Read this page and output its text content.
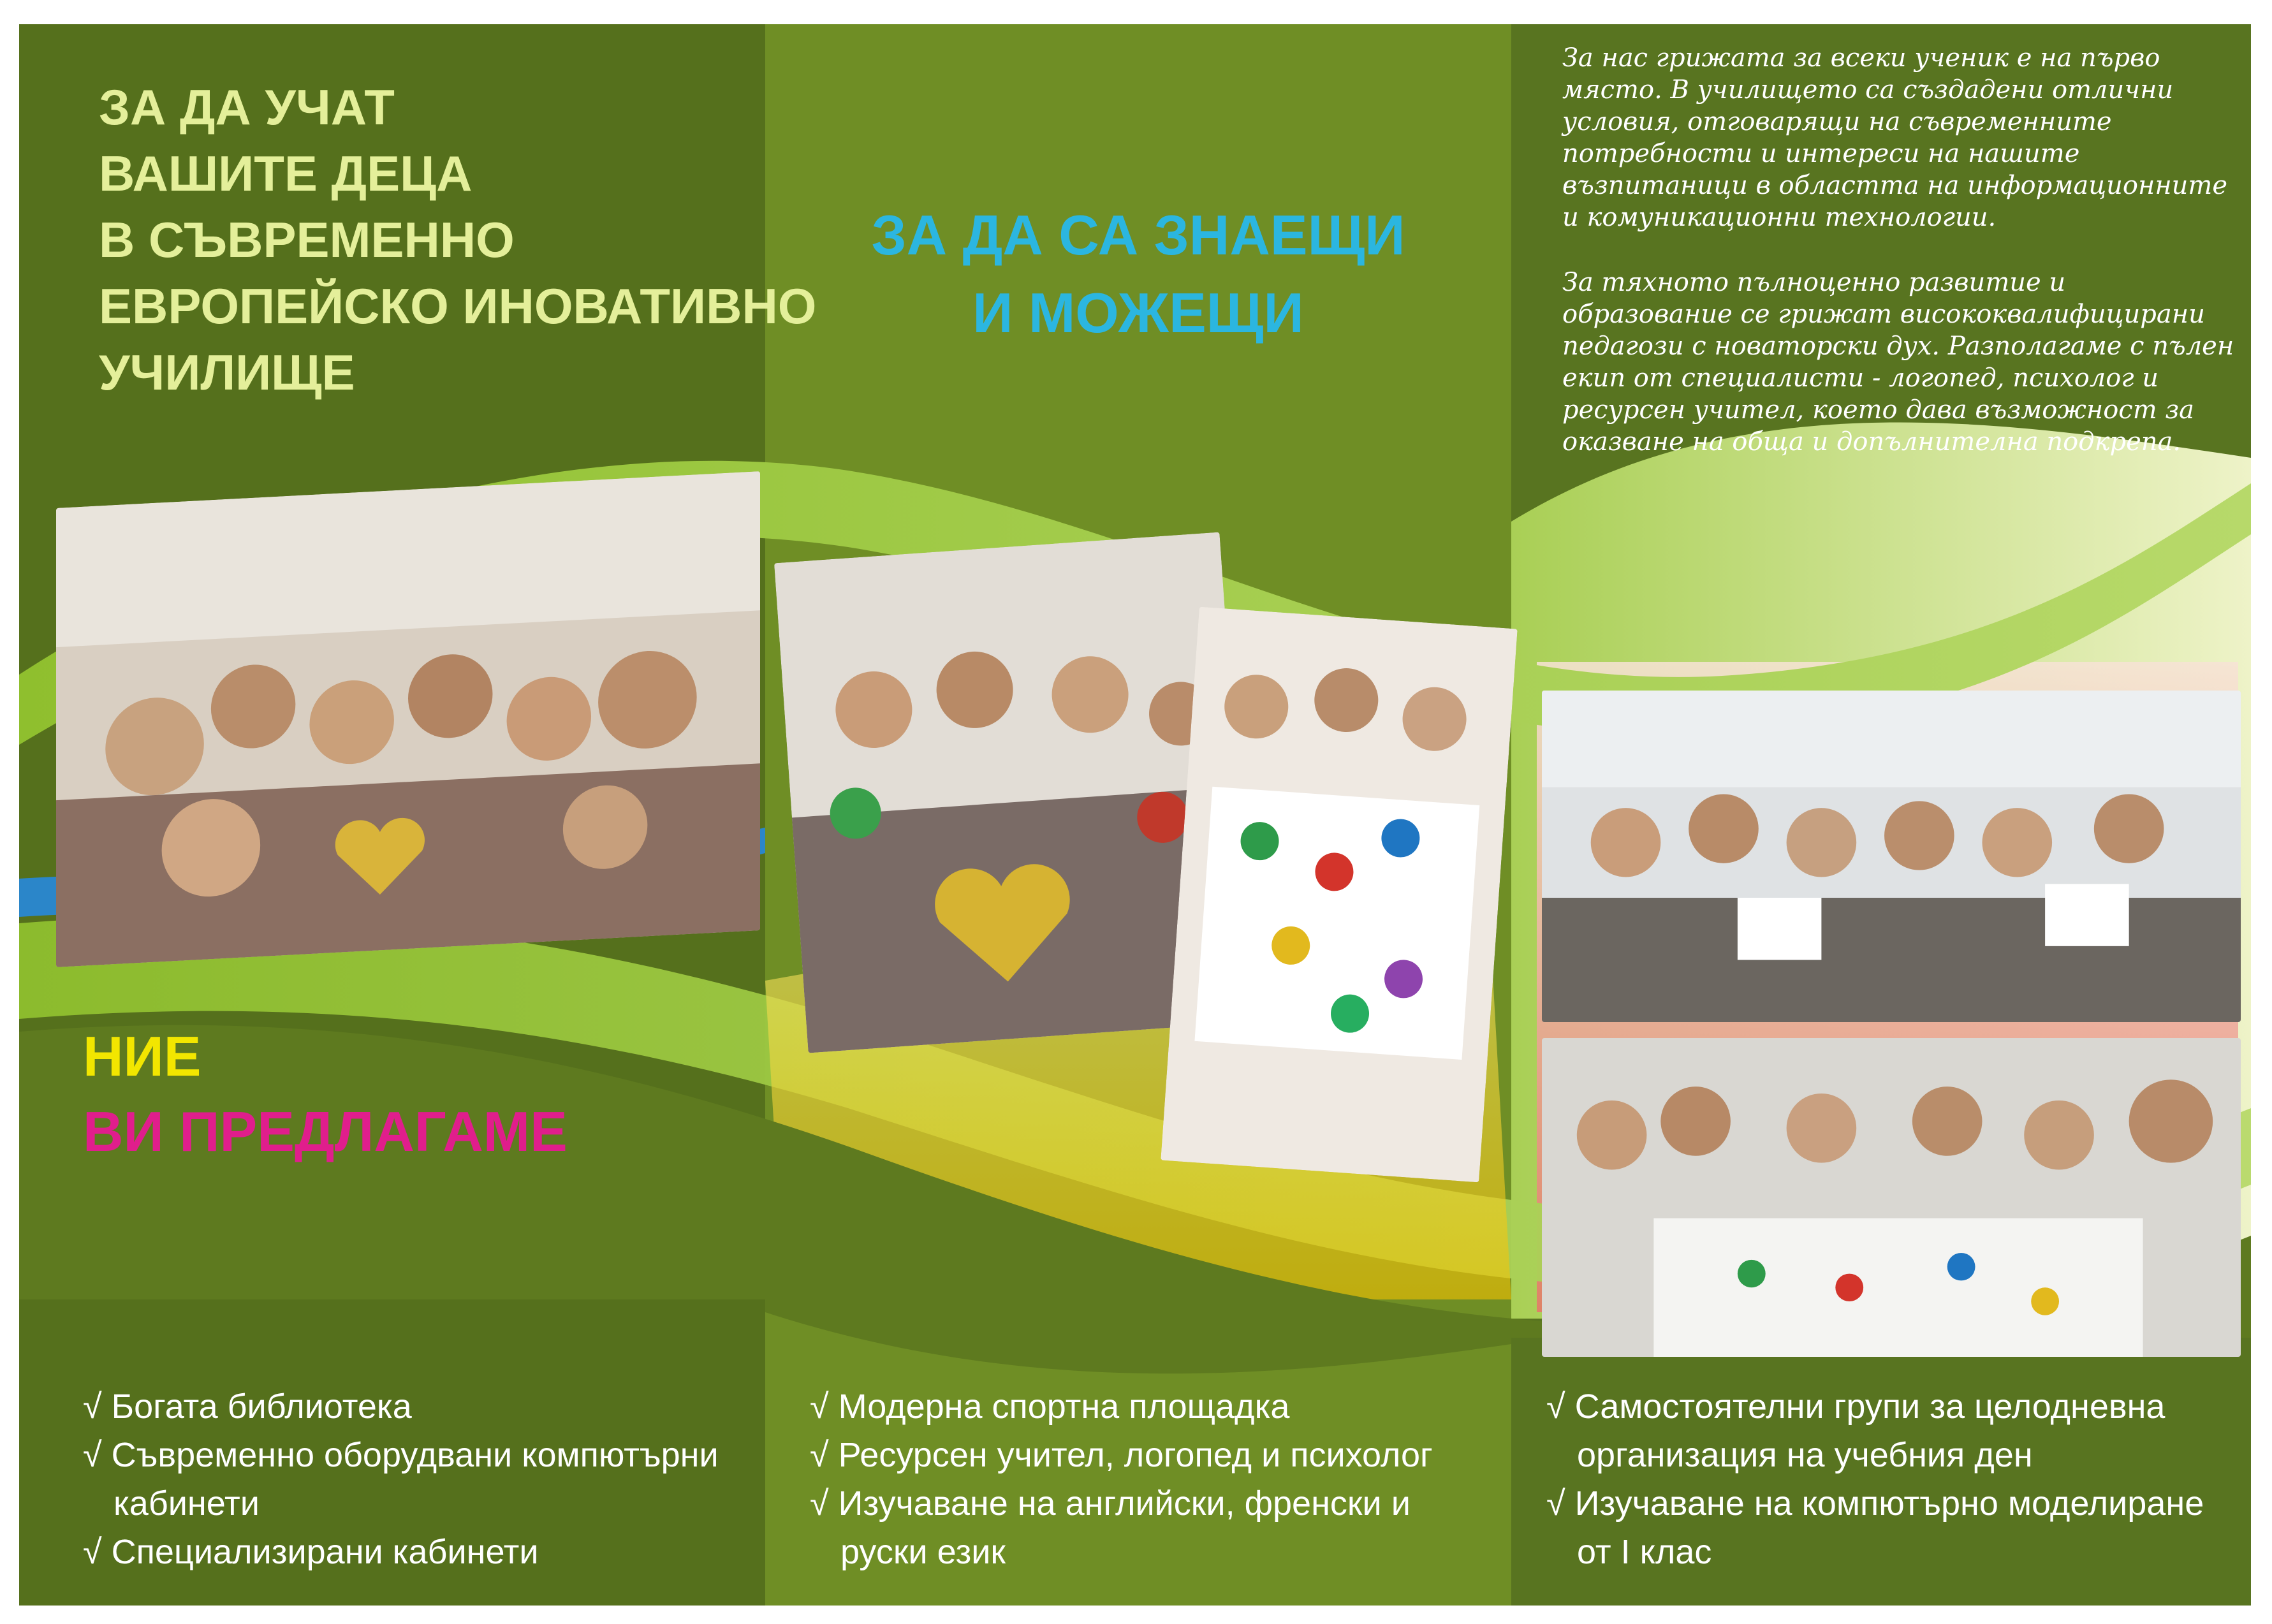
ЗА ДА УЧАТ
ВАШИТЕ ДЕЦА
В СЪВРЕМЕННО
ЕВРОПЕЙСКО ИНОВАТИВНО
УЧИЛИЩЕ
ЗА ДА СА ЗНАЕЩИ
И МОЖЕЩИ

За нас грижата за всеки ученик е на първо място. В училището са създадени отлични условия, отговарящи на съвременните потребности и интереси на нашите възпитаници в областта на информационните и комуникационни технологии.

За тяхното пълноценно развитие и образование се грижат висококвалифицирани педагози с новаторски дух. Разполагаме с пълен екип от специалисти - логопед, психолог и ресурсен учител, което дава възможност за оказване на обща и допълнителна подкрепа.

НИЕ
ВИ ПРЕДЛАГАМЕ
√ Богата библиотека
√ Съвременно оборудвани компютърни
кабинети
√ Специализирани кабинети
√ Модерна спортна площадка
√ Ресурсен учител, логопед и психолог
√ Изучаване на английски, френски и
руски език
√ Самостоятелни групи за целодневна
организация на учебния ден
√ Изучаване на компютърно моделиране
от I клас
